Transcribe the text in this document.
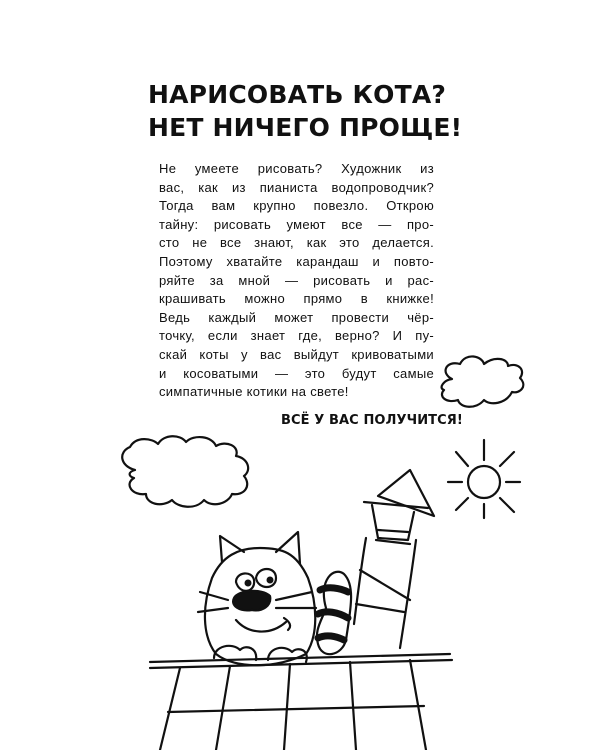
НАРИСОВАТЬ КОТА?
НЕТ НИЧЕГО ПРОЩЕ!
Не умеете рисовать? Художник из
вас, как из пианиста водопроводчик?
Тогда вам крупно повезло. Открою
тайну: рисовать умеют все — про-
сто не все знают, как это делается.
Поэтому хватайте карандаш и повто-
ряйте за мной — рисовать и рас-
крашивать можно прямо в книжке!
Ведь каждый может провести чёр-
точку, если знает где, верно? И пу-
скай коты у вас выйдут кривоватыми
и косоватыми — это будут самые
симпатичные котики на свете!

ВСЁ У ВАС ПОЛУЧИТСЯ!
